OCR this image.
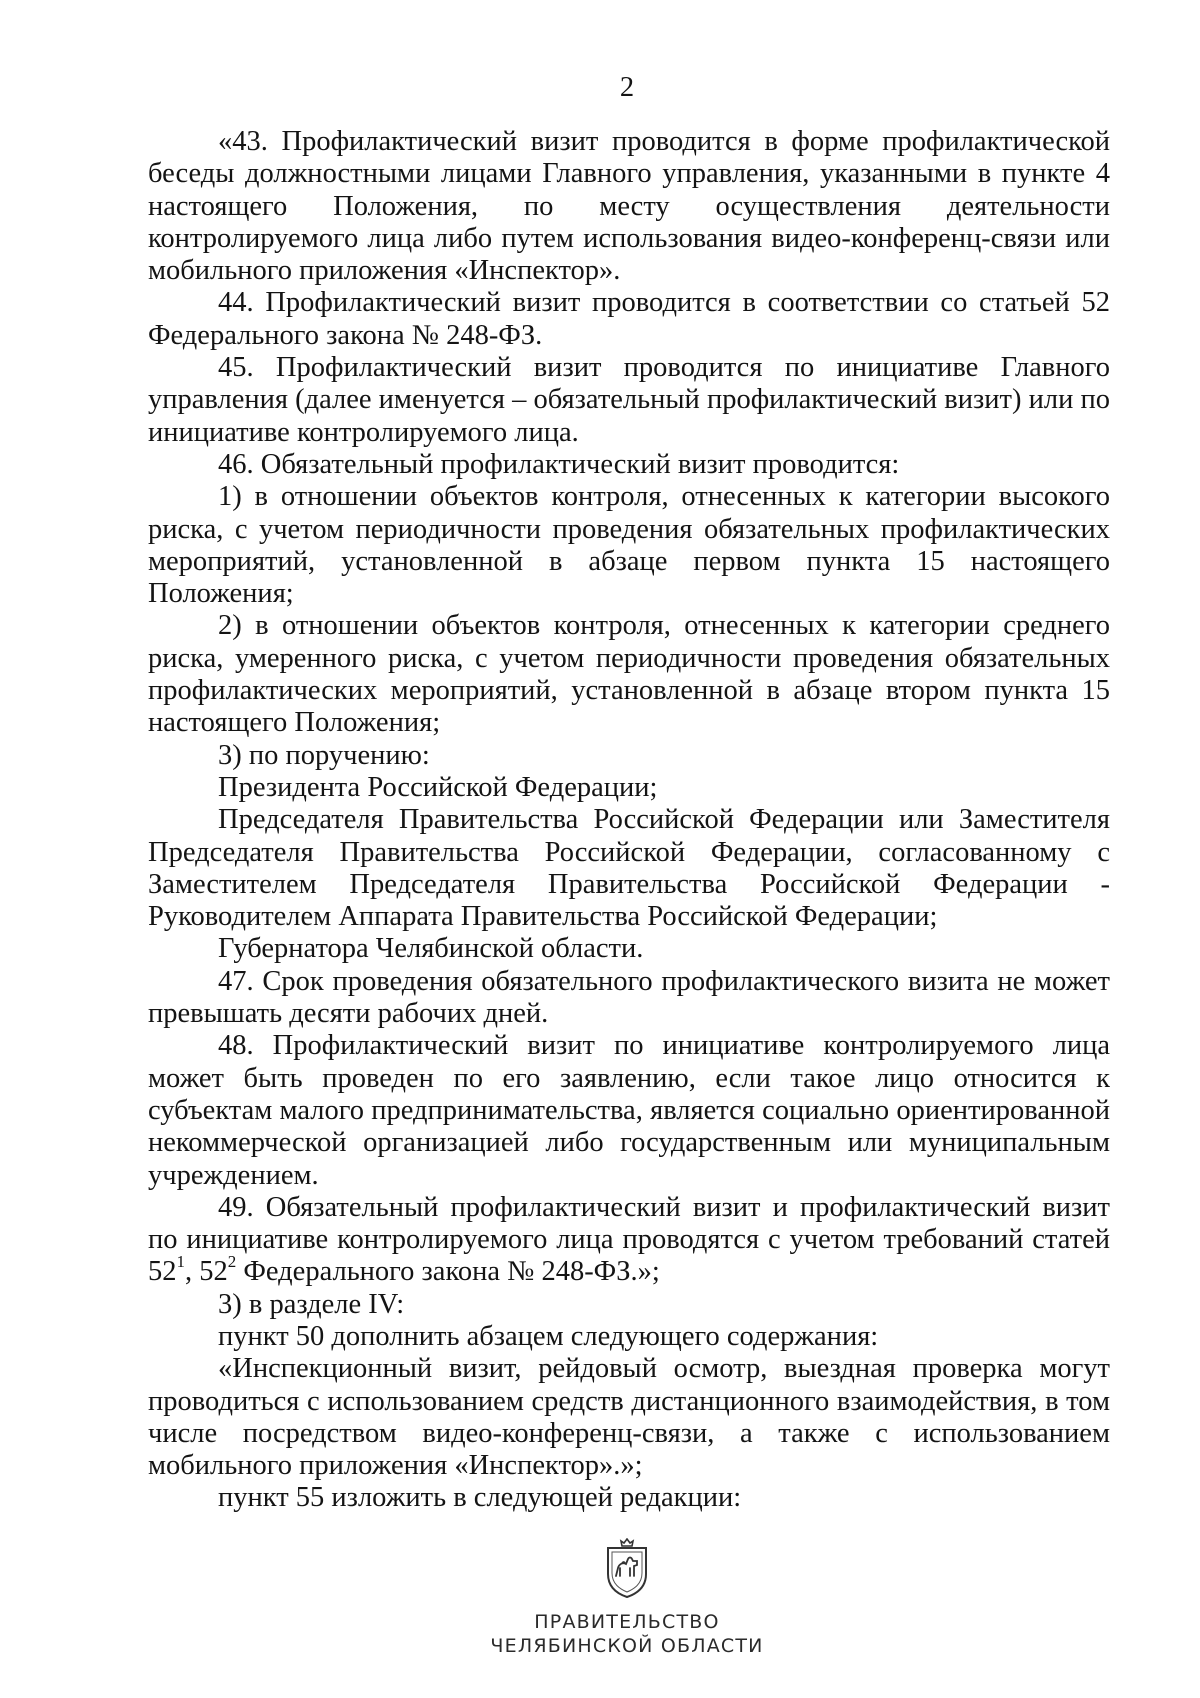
2

«43. Профилактический визит проводится в форме профилактической беседы должностными лицами Главного управления, указанными в пункте 4 настоящего Положения, по месту осуществления деятельности контролируемого лица либо путем использования видео-конференц-связи или мобильного приложения «Инспектор».

44. Профилактический визит проводится в соответствии со статьей 52 Федерального закона № 248-ФЗ.

45. Профилактический визит проводится по инициативе Главного управления (далее именуется – обязательный профилактический визит) или по инициативе контролируемого лица.

46. Обязательный профилактический визит проводится:

1) в отношении объектов контроля, отнесенных к категории высокого риска, с учетом периодичности проведения обязательных профилактических мероприятий, установленной в абзаце первом пункта 15 настоящего Положения;

2) в отношении объектов контроля, отнесенных к категории среднего риска, умеренного риска, с учетом периодичности проведения обязательных профилактических мероприятий, установленной в абзаце втором пункта 15 настоящего Положения;

3) по поручению:

Президента Российской Федерации;

Председателя Правительства Российской Федерации или Заместителя Председателя Правительства Российской Федерации, согласованному с Заместителем Председателя Правительства Российской Федерации - Руководителем Аппарата Правительства Российской Федерации;

Губернатора Челябинской области.

47. Срок проведения обязательного профилактического визита не может превышать десяти рабочих дней.

48. Профилактический визит по инициативе контролируемого лица может быть проведен по его заявлению, если такое лицо относится к субъектам малого предпринимательства, является социально ориентированной некоммерческой организацией либо государственным или муниципальным учреждением.

49. Обязательный профилактический визит и профилактический визит по инициативе контролируемого лица проводятся с учетом требований статей $52^1$, $52^2$ Федерального закона № 248-ФЗ.»;

3) в разделе IV:

пункт 50 дополнить абзацем следующего содержания:

«Инспекционный визит, рейдовый осмотр, выездная проверка могут проводиться с использованием средств дистанционного взаимодействия, в том числе посредством видео-конференц-связи, а также с использованием мобильного приложения «Инспектор».»;

пункт 55 изложить в следующей редакции:

ПРАВИТЕЛЬСТВО
ЧЕЛЯБИНСКОЙ ОБЛАСТИ
